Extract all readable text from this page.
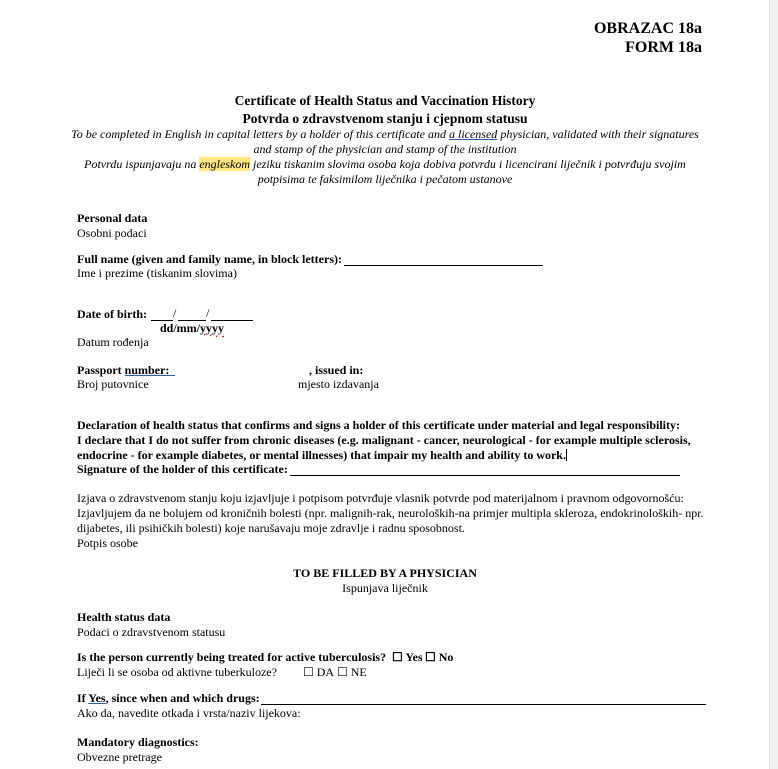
OBRAZAC 18a
FORM 18a
Certificate of Health Status and Vaccination History
Potvrda o zdravstvenom stanju i cjepnom statusu
To be completed in English in capital letters by a holder of this certificate and a licensed physician, validated with their signatures
and stamp of the physician and stamp of the institution
Potvrdu ispunjavaju na engleskom jeziku tiskanim slovima osoba koja dobiva potvrdu i licencirani liječnik i potvrđuju svojim
potpisima te faksimilom liječnika i pečatom ustanove
Personal data
Osobni podaci
Full name (given and family name, in block letters):
Ime i prezime (tiskanim slovima)
Date of birth: / /
dd/mm/yyyy
Datum rođenja
Passport number:	, issued in:
Broj putovnice	mjesto izdavanja
Declaration of health status that confirms and signs a holder of this certificate under material and legal responsibility:
I declare that I do not suffer from chronic diseases (e.g. malignant - cancer, neurological - for example multiple sclerosis,
endocrine - for example diabetes, or mental illnesses) that impair my health and ability to work.
Signature of the holder of this certificate:
Izjava o zdravstvenom stanju koju izjavljuje i potpisom potvrđuje vlasnik potvrde pod materijalnom i pravnom odgovornošću:
Izjavljujem da ne bolujem od kroničnih bolesti (npr. malignih-rak, neuroloških-na primjer multipla skleroza, endokrinoloških- npr.
dijabetes, ili psihičkih bolesti) koje narušavaju moje zdravlje i radnu sposobnost.
Potpis osobe
TO BE FILLED BY A PHYSICIAN
Ispunjava liječnik
Health status data
Podaci o zdravstvenom statusu
Is the person currently being treated for active tuberculosis? ☐ Yes ☐ No
Liječi li se osoba od aktivne tuberkuloze? ☐ DA ☐ NE
If Yes, since when and which drugs:
Ako da, navedite otkada i vrsta/naziv lijekova:
Mandatory diagnostics:
Obvezne pretrage
